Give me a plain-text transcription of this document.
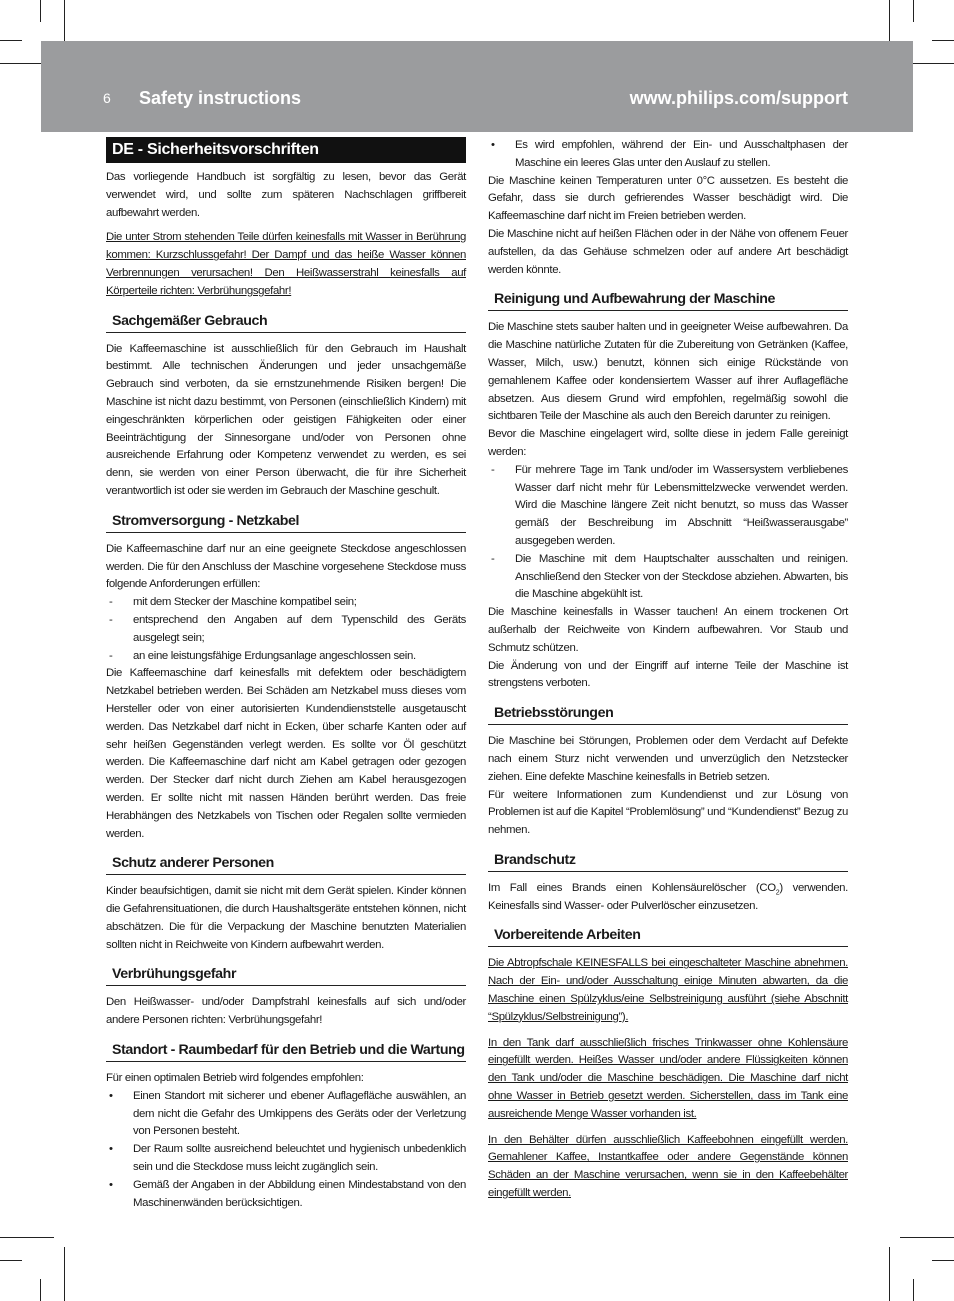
6 Safety instructions	www.philips.com/support
DE - Sicherheitsvorschriften

Das vorliegende Handbuch ist sorgfältig zu lesen, bevor das Gerät verwendet wird, und sollte zum späteren Nachschlagen griffbereit aufbewahrt werden.

Die unter Strom stehenden Teile dürfen keinesfalls mit Wasser in Berührung kommen: Kurzschlussgefahr! Der Dampf und das heiße Wasser können Verbrennungen verursachen! Den Heißwasserstrahl keinesfalls auf Körperteile richten: Verbrühungsgefahr!

Sachgemäßer Gebrauch

Die Kaffeemaschine ist ausschließlich für den Gebrauch im Haushalt bestimmt. Alle technischen Änderungen und jeder unsachgemäße Gebrauch sind verboten, da sie ernstzunehmende Risiken bergen! Die Maschine ist nicht dazu bestimmt, von Personen (einschließlich Kindern) mit eingeschränkten körperlichen oder geistigen Fähigkeiten oder einer Beeinträchtigung der Sinnesorgane und/oder von Personen ohne ausreichende Erfahrung oder Kompetenz verwendet zu werden, es sei denn, sie werden von einer Person überwacht, die für ihre Sicherheit verantwortlich ist oder sie werden im Gebrauch der Maschine geschult.

Stromversorgung - Netzkabel

Die Kaffeemaschine darf nur an eine geeignete Steckdose angeschlossen werden. Die für den Anschluss der Maschine vorgesehene Steckdose muss folgende Anforderungen erfüllen:

- mit dem Stecker der Maschine kompatibel sein;
- entsprechend den Angaben auf dem Typenschild des Geräts ausgelegt sein;
- an eine leistungsfähige Erdungsanlage angeschlossen sein.

Die Kaffeemaschine darf keinesfalls mit defektem oder beschädigtem Netzkabel betrieben werden. Bei Schäden am Netzkabel muss dieses vom Hersteller oder von einer autorisierten Kundendienststelle ausgetauscht werden. Das Netzkabel darf nicht in Ecken, über scharfe Kanten oder auf sehr heißen Gegenständen verlegt werden. Es sollte vor Öl geschützt werden. Die Kaffeemaschine darf nicht am Kabel getragen oder gezogen werden. Der Stecker darf nicht durch Ziehen am Kabel herausgezogen werden. Er sollte nicht mit nassen Händen berührt werden. Das freie Herabhängen des Netzkabels von Tischen oder Regalen sollte vermieden werden.

Schutz anderer Personen

Kinder beaufsichtigen, damit sie nicht mit dem Gerät spielen. Kinder können die Gefahrensituationen, die durch Haushaltsgeräte entstehen können, nicht abschätzen. Die für die Verpackung der Maschine benutzten Materialien sollten nicht in Reichweite von Kindern aufbewahrt werden.

Verbrühungsgefahr

Den Heißwasser- und/oder Dampfstrahl keinesfalls auf sich und/oder andere Personen richten: Verbrühungsgefahr!

Standort - Raumbedarf für den Betrieb und die Wartung

Für einen optimalen Betrieb wird folgendes empfohlen:

• Einen Standort mit sicherer und ebener Auflagefläche auswählen, an dem nicht die Gefahr des Umkippens des Geräts oder der Verletzung von Personen besteht.
• Der Raum sollte ausreichend beleuchtet und hygienisch unbedenklich sein und die Steckdose muss leicht zugänglich sein.
• Gemäß der Angaben in der Abbildung einen Mindestabstand von den Maschinenwänden berücksichtigen.
• Es wird empfohlen, während der Ein- und Ausschaltphasen der Maschine ein leeres Glas unter den Auslauf zu stellen.

Die Maschine keinen Temperaturen unter 0°C aussetzen. Es besteht die Gefahr, dass sie durch gefrierendes Wasser beschädigt wird. Die Kaffeemaschine darf nicht im Freien betrieben werden.

Die Maschine nicht auf heißen Flächen oder in der Nähe von offenem Feuer aufstellen, da das Gehäuse schmelzen oder auf andere Art beschädigt werden könnte.

Reinigung und Aufbewahrung der Maschine

Die Maschine stets sauber halten und in geeigneter Weise aufbewahren. Da die Maschine natürliche Zutaten für die Zubereitung von Getränken (Kaffee, Wasser, Milch, usw.) benutzt, können sich einige Rückstände von gemahlenem Kaffee oder kondensiertem Wasser auf ihrer Auflagefläche absetzen. Aus diesem Grund wird empfohlen, regelmäßig sowohl die sichtbaren Teile der Maschine als auch den Bereich darunter zu reinigen.

Bevor die Maschine eingelagert wird, sollte diese in jedem Falle gereinigt werden:

- Für mehrere Tage im Tank und/oder im Wassersystem verbliebenes Wasser darf nicht mehr für Lebensmittelzwecke verwendet werden. Wird die Maschine längere Zeit nicht benutzt, so muss das Wasser gemäß der Beschreibung im Abschnitt “Heißwasserausgabe” ausgegeben werden.
- Die Maschine mit dem Hauptschalter ausschalten und reinigen. Anschließend den Stecker von der Steckdose abziehen. Abwarten, bis die Maschine abgekühlt ist.

Die Maschine keinesfalls in Wasser tauchen! An einem trockenen Ort außerhalb der Reichweite von Kindern aufbewahren. Vor Staub und Schmutz schützen.

Die Änderung von und der Eingriff auf interne Teile der Maschine ist strengstens verboten.

Betriebsstörungen

Die Maschine bei Störungen, Problemen oder dem Verdacht auf Defekte nach einem Sturz nicht verwenden und unverzüglich den Netzstecker ziehen. Eine defekte Maschine keinesfalls in Betrieb setzen.

Für weitere Informationen zum Kundendienst und zur Lösung von Problemen ist auf die Kapitel “Problemlösung” und “Kundendienst” Bezug zu nehmen.

Brandschutz

Im Fall eines Brands einen Kohlensäurelöscher $(CO_2)$ verwenden. Keinesfalls sind Wasser- oder Pulverlöscher einzusetzen.

Vorbereitende Arbeiten

Die Abtropfschale KEINESFALLS bei eingeschalteter Maschine abnehmen. Nach der Ein- und/oder Ausschaltung einige Minuten abwarten, da die Maschine einen Spülzyklus/eine Selbstreinigung ausführt (siehe Abschnitt “Spülzyklus/Selbstreinigung”).

In den Tank darf ausschließlich frisches Trinkwasser ohne Kohlensäure eingefüllt werden. Heißes Wasser und/oder andere Flüssigkeiten können den Tank und/oder die Maschine beschädigen. Die Maschine darf nicht ohne Wasser in Betrieb gesetzt werden. Sicherstellen, dass im Tank eine ausreichende Menge Wasser vorhanden ist.

In den Behälter dürfen ausschließlich Kaffeebohnen eingefüllt werden. Gemahlener Kaffee, Instantkaffee oder andere Gegenstände können Schäden an der Maschine verursachen, wenn sie in den Kaffeebehälter eingefüllt werden.
